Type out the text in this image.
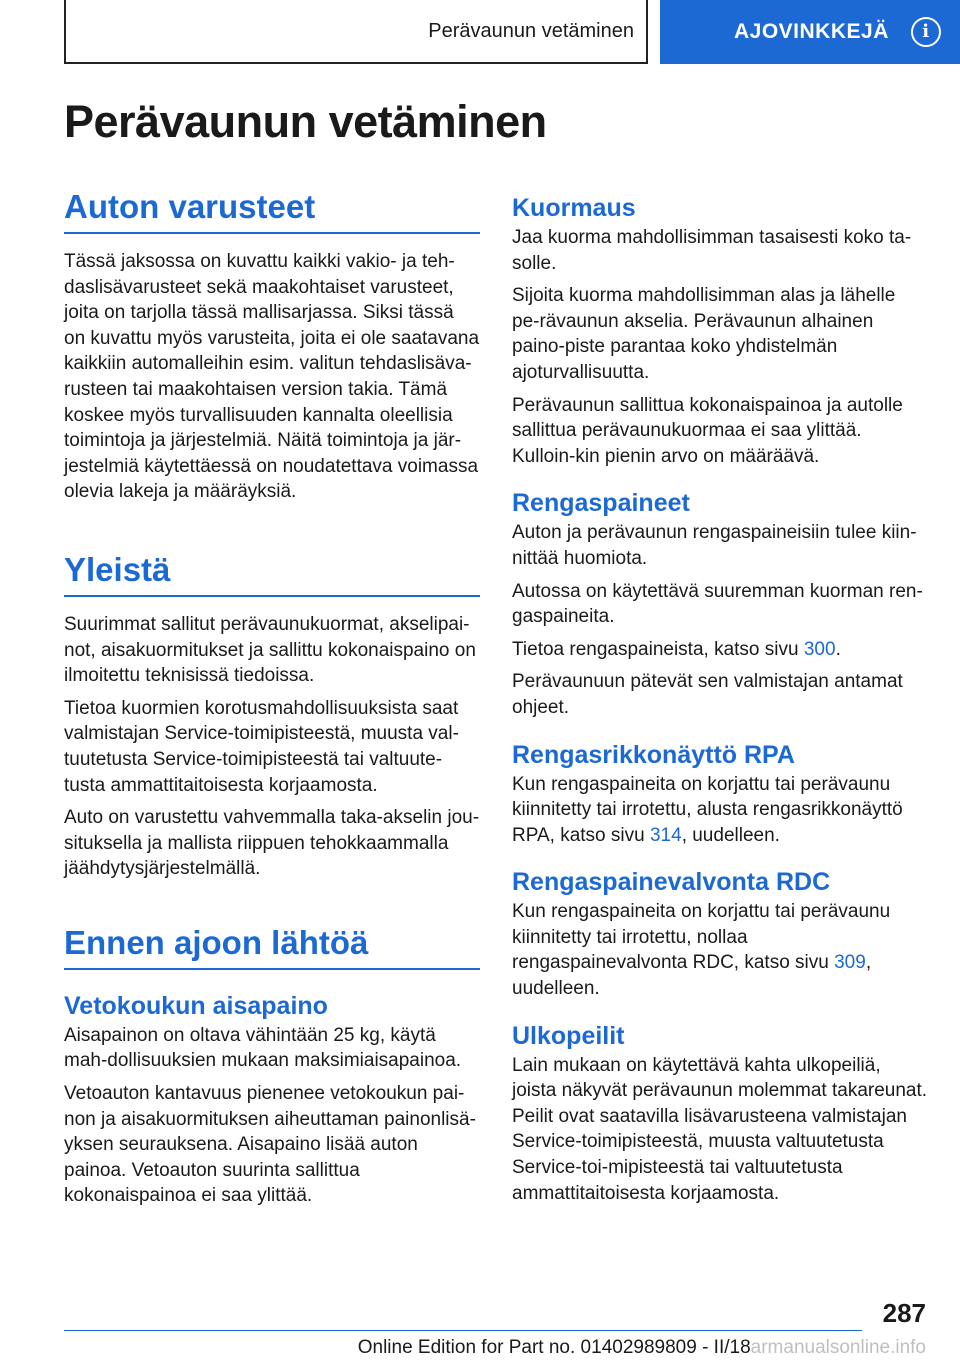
Perävaunun vetäminen	AJOVINKKEJÄ	i
Perävaunun vetäminen
Auton varusteet

Tässä jaksossa on kuvattu kaikki vakio- ja teh-daslisävarusteet sekä maakohtaiset varusteet, joita on tarjolla tässä mallisarjassa. Siksi tässä on kuvattu myös varusteita, joita ei ole saatavana kaikkiin automalleihin esim. valitun tehdaslisäva-rusteen tai maakohtaisen version takia. Tämä koskee myös turvallisuuden kannalta oleellisia toimintoja ja järjestelmiä. Näitä toimintoja ja jär-jestelmiä käytettäessä on noudatettava voimassa olevia lakeja ja määräyksiä.

Yleistä

Suurimmat sallitut perävaunukuormat, akselipai-not, aisakuormitukset ja sallittu kokonaispaino on ilmoitettu teknisissä tiedoissa.

Tietoa kuormien korotusmahdollisuuksista saat valmistajan Service-toimipisteestä, muusta val-tuutetusta Service-toimipisteestä tai valtuute-tusta ammattitaitoisesta korjaamosta.

Auto on varustettu vahvemmalla taka-akselin jou-situksella ja mallista riippuen tehokkaammalla jäähdytysjärjestelmällä.

Ennen ajoon lähtöä
Vetokoukun aisapaino

Aisapainon on oltava vähintään 25 kg, käytä mah-dollisuuksien mukaan maksimiaisapainoa.

Vetoauton kantavuus pienenee vetokoukun pai-non ja aisakuormituksen aiheuttaman painonlisä-yksen seurauksena. Aisapaino lisää auton painoa. Vetoauton suurinta sallittua kokonaispainoa ei saa ylittää.

Kuormaus

Jaa kuorma mahdollisimman tasaisesti koko ta-solle.

Sijoita kuorma mahdollisimman alas ja lähelle pe-rävaunun akselia. Perävaunun alhainen paino-piste parantaa koko yhdistelmän ajoturvallisuutta.

Perävaunun sallittua kokonaispainoa ja autolle sallittua perävaunukuormaa ei saa ylittää. Kulloin-kin pienin arvo on määräävä.

Rengaspaineet

Auton ja perävaunun rengaspaineisiin tulee kiin-nittää huomiota.

Autossa on käytettävä suuremman kuorman ren-gaspaineita.

Tietoa rengaspaineista, katso sivu 300.

Perävaunuun pätevät sen valmistajan antamat ohjeet.

Rengasrikkonäyttö RPA

Kun rengaspaineita on korjattu tai perävaunu kiinnitetty tai irrotettu, alusta rengasrikkonäyttö RPA, katso sivu 314, uudelleen.

Rengaspainevalvonta RDC

Kun rengaspaineita on korjattu tai perävaunu kiinnitetty tai irrotettu, nollaa rengaspainevalvonta RDC, katso sivu 309, uudelleen.

Ulkopeilit

Lain mukaan on käytettävä kahta ulkopeiliä, joista näkyvät perävaunun molemmat takareunat. Peilit ovat saatavilla lisävarusteena valmistajan Service-toimipisteestä, muusta valtuutetusta Service-toi-mipisteestä tai valtuutetusta ammattitaitoisesta korjaamosta.

287
Online Edition for Part no. 01402989809 - II/18armanualsonline.info
